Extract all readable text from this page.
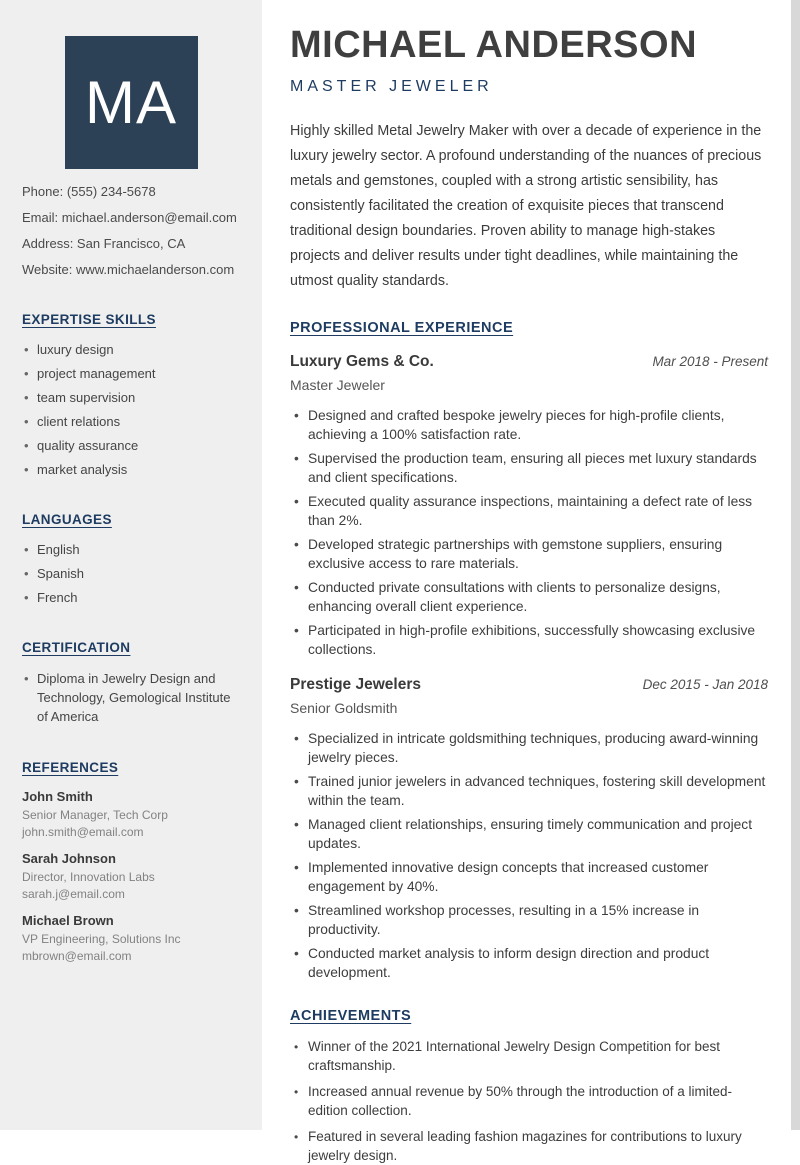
MA
Phone: (555) 234-5678
Email: michael.anderson@email.com
Address: San Francisco, CA
Website: www.michaelanderson.com
EXPERTISE SKILLS
• luxury design
• project management
• team supervision
• client relations
• quality assurance
• market analysis
LANGUAGES
• English
• Spanish
• French
CERTIFICATION
• Diploma in Jewelry Design and Technology, Gemological Institute of America
REFERENCES
John Smith
Senior Manager, Tech Corp
john.smith@email.com
Sarah Johnson
Director, Innovation Labs
sarah.j@email.com
Michael Brown
VP Engineering, Solutions Inc
mbrown@email.com
MICHAEL ANDERSON
MASTER JEWELER

Highly skilled Metal Jewelry Maker with over a decade of experience in the luxury jewelry sector. A profound understanding of the nuances of precious metals and gemstones, coupled with a strong artistic sensibility, has consistently facilitated the creation of exquisite pieces that transcend traditional design boundaries. Proven ability to manage high-stakes projects and deliver results under tight deadlines, while maintaining the utmost quality standards.

PROFESSIONAL EXPERIENCE
Luxury Gems & Co.	Mar 2018 - Present
Master Jeweler
• Designed and crafted bespoke jewelry pieces for high-profile clients, achieving a 100% satisfaction rate.
• Supervised the production team, ensuring all pieces met luxury standards and client specifications.
• Executed quality assurance inspections, maintaining a defect rate of less than 2%.
• Developed strategic partnerships with gemstone suppliers, ensuring exclusive access to rare materials.
• Conducted private consultations with clients to personalize designs, enhancing overall client experience.
• Participated in high-profile exhibitions, successfully showcasing exclusive collections.
Prestige Jewelers	Dec 2015 - Jan 2018
Senior Goldsmith
• Specialized in intricate goldsmithing techniques, producing award-winning jewelry pieces.
• Trained junior jewelers in advanced techniques, fostering skill development within the team.
• Managed client relationships, ensuring timely communication and project updates.
• Implemented innovative design concepts that increased customer engagement by 40%.
• Streamlined workshop processes, resulting in a 15% increase in productivity.
• Conducted market analysis to inform design direction and product development.
ACHIEVEMENTS
• Winner of the 2021 International Jewelry Design Competition for best craftsmanship.
• Increased annual revenue by 50% through the introduction of a limited-edition collection.
• Featured in several leading fashion magazines for contributions to luxury jewelry design.
